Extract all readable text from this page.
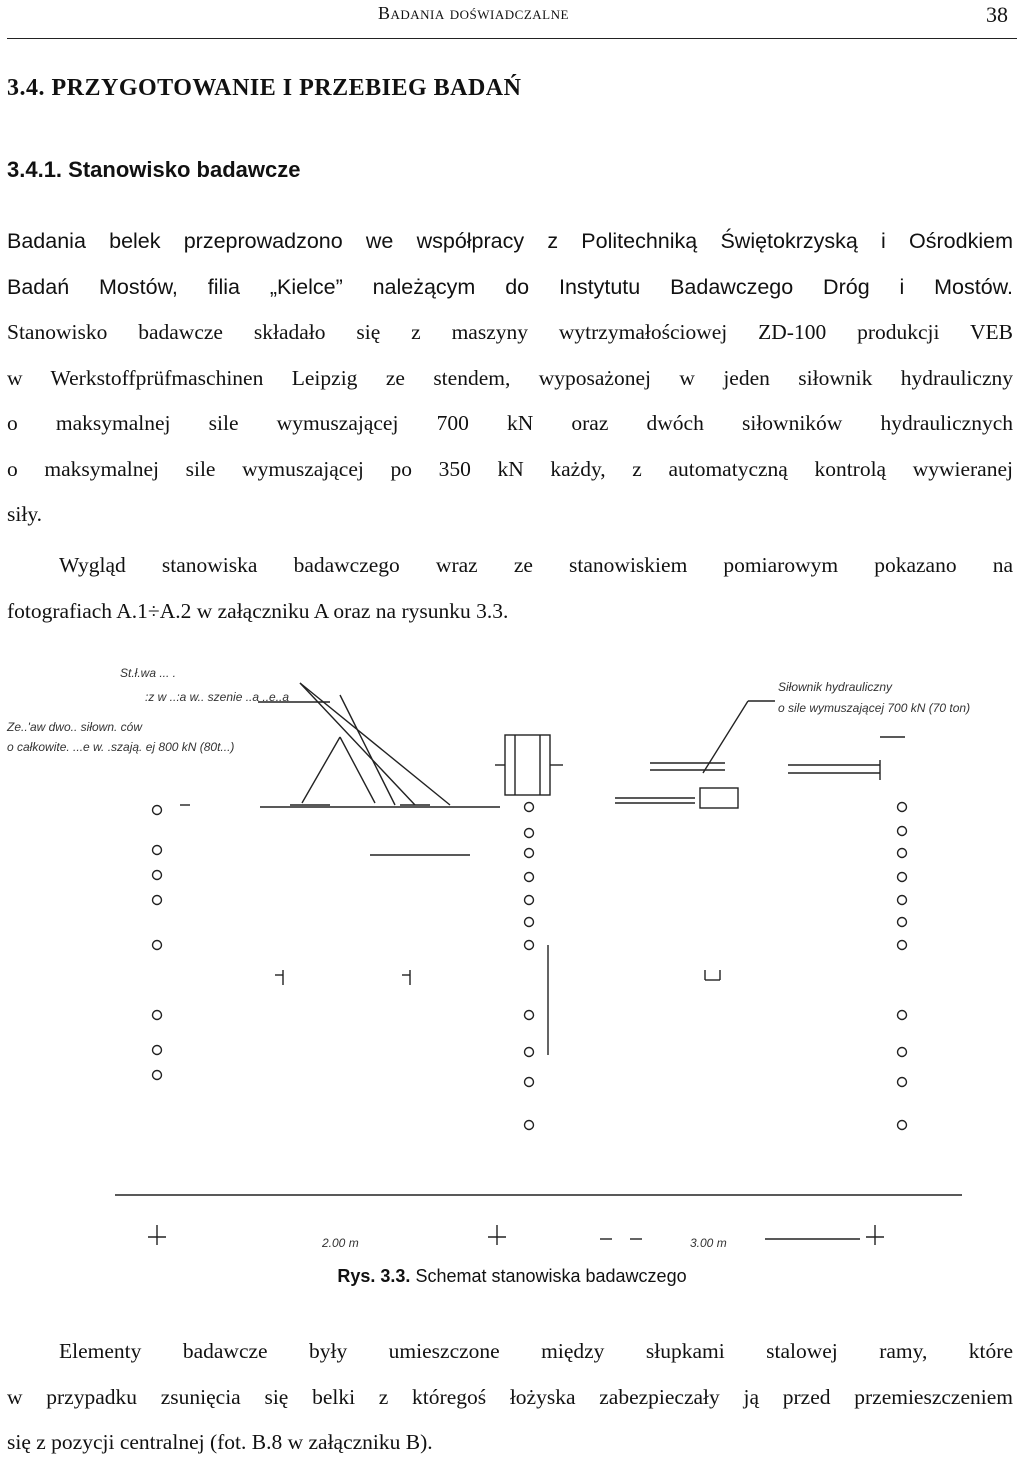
Badania doświadczalne	38
3.4. PRZYGOTOWANIE I PRZEBIEG BADAŃ
3.4.1. Stanowisko badawcze
Badania belek przeprowadzono we współpracy z Politechniką Świętokrzyską i Ośrodkiem
Badań Mostów, filia „Kielce” należącym do Instytutu Badawczego Dróg i Mostów.
Stanowisko badawcze składało się z maszyny wytrzymałościowej ZD-100 produkcji VEB
w Werkstoffprüfmaschinen Leipzig ze stendem, wyposażonej w jeden siłownik hydrauliczny
o maksymalnej sile wymuszającej 700 kN oraz dwóch siłowników hydraulicznych
o maksymalnej sile wymuszającej po 350 kN każdy, z automatyczną kontrolą wywieranej
siły.
Wygląd stanowiska badawczego wraz ze stanowiskiem pomiarowym pokazano na
fotografiach A.1÷A.2 w załączniku A oraz na rysunku 3.3.
St.ł.wa ... .
:z w ..:a w.. szenie ..a ..e..a
Ze..'aw dwo.. siłown. ców
o całkowite. ...e w. .szają. ej 800 kN (80t...)
Siłownik hydrauliczny
o sile wymuszającej 700 kN (70 ton)
2.00 m	3.00 m
Rys. 3.3. Schemat stanowiska badawczego
Elementy badawcze były umieszczone między słupkami stalowej ramy, które
w przypadku zsunięcia się belki z któregoś łożyska zabezpieczały ją przed przemieszczeniem
się z pozycji centralnej (fot. B.8 w załączniku B).
